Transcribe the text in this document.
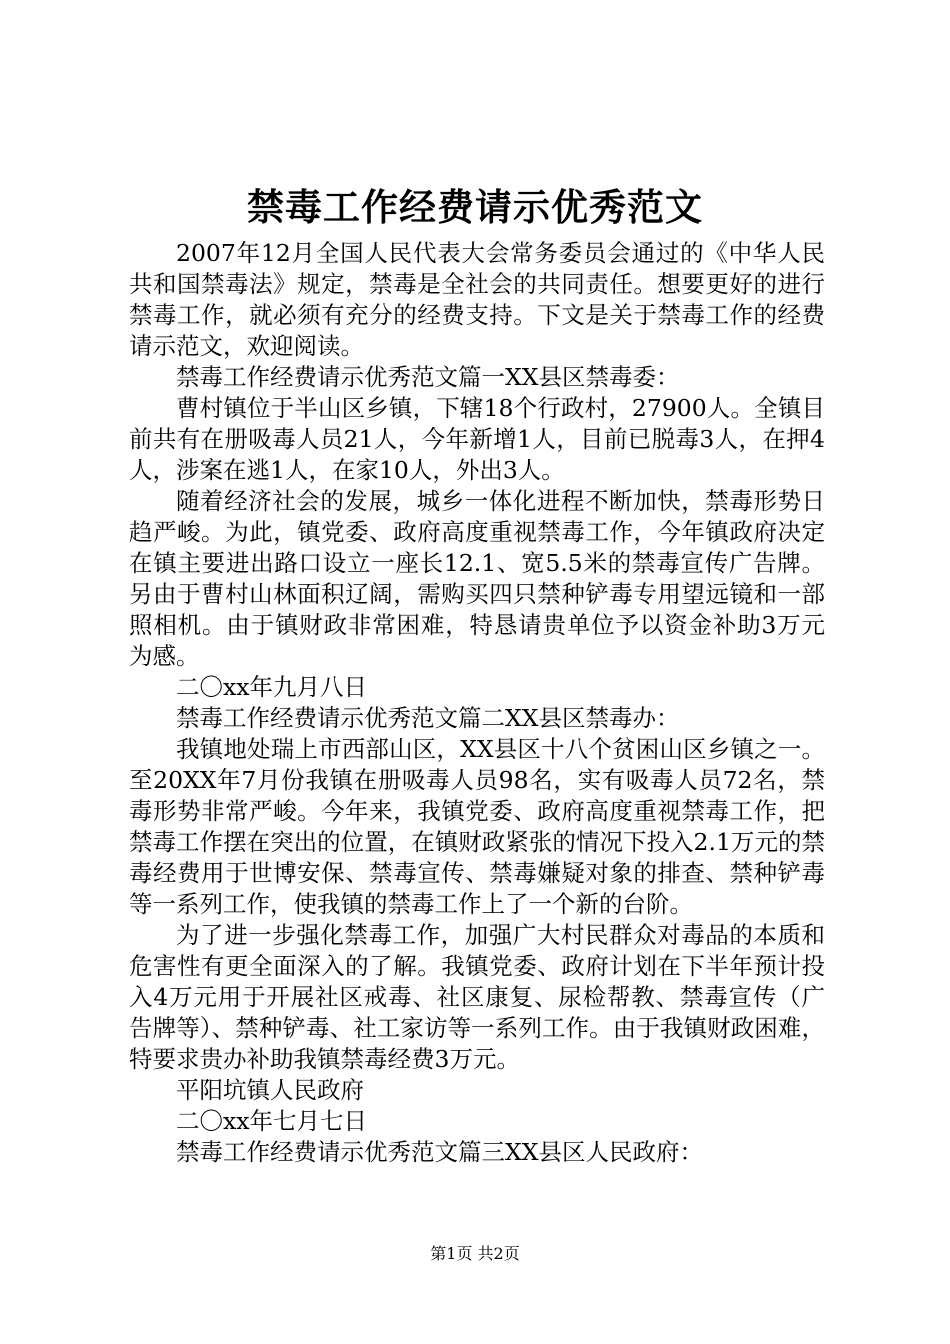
禁毒工作经费请示优秀范文

2007年12月全国人民代表大会常务委员会通过的《中华人民共和国禁毒法》规定，禁毒是全社会的共同责任。想要更好的进行禁毒工作，就必须有充分的经费支持。下文是关于禁毒工作的经费请示范文，欢迎阅读。

禁毒工作经费请示优秀范文篇一XX县区禁毒委：

曹村镇位于半山区乡镇，下辖18个行政村，27900人。全镇目前共有在册吸毒人员21人，今年新增1人，目前已脱毒3人，在押4人，涉案在逃1人，在家10人，外出3人。

随着经济社会的发展，城乡一体化进程不断加快，禁毒形势日趋严峻。为此，镇党委、政府高度重视禁毒工作，今年镇政府决定在镇主要进出路口设立一座长12.1、宽5.5米的禁毒宣传广告牌。另由于曹村山林面积辽阔，需购买四只禁种铲毒专用望远镜和一部照相机。由于镇财政非常困难，特恳请贵单位予以资金补助3万元为感。

二〇xx年九月八日

禁毒工作经费请示优秀范文篇二XX县区禁毒办：

我镇地处瑞上市西部山区，XX县区十八个贫困山区乡镇之一。至20XX年7月份我镇在册吸毒人员98名，实有吸毒人员72名，禁毒形势非常严峻。今年来，我镇党委、政府高度重视禁毒工作，把禁毒工作摆在突出的位置，在镇财政紧张的情况下投入2.1万元的禁毒经费用于世博安保、禁毒宣传、禁毒嫌疑对象的排查、禁种铲毒等一系列工作，使我镇的禁毒工作上了一个新的台阶。

为了进一步强化禁毒工作，加强广大村民群众对毒品的本质和危害性有更全面深入的了解。我镇党委、政府计划在下半年预计投入4万元用于开展社区戒毒、社区康复、尿检帮教、禁毒宣传（广告牌等）、禁种铲毒、社工家访等一系列工作。由于我镇财政困难，特要求贵办补助我镇禁毒经费3万元。

平阳坑镇人民政府

二〇xx年七月七日

禁毒工作经费请示优秀范文篇三XX县区人民政府：

第1页 共2页
